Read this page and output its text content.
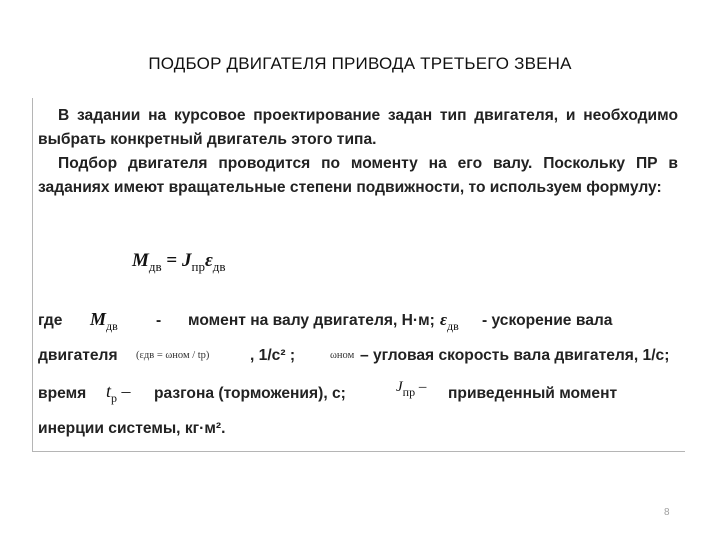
ПОДБОР ДВИГАТЕЛЯ ПРИВОДА ТРЕТЬЕГО ЗВЕНА

В задании на курсовое проектирование задан тип двигателя, и необходимо выбрать конкретный двигатель этого типа.

Подбор двигателя проводится по моменту на его валу. Поскольку ПР в заданиях имеют вращательные степени подвижности, то используем формулу:

$M_{дв} = J_{пр}\varepsilon_{дв}$
где $M_{дв}$ - момент на валу двигателя, Н·м; $\varepsilon_{дв}$ - ускорение вала
двигателя (εдв = ωном / tр)	, 1/с² ;	ωном – угловая скорость вала двигателя, 1/с;
время $t_р$ – разгона (торможения), с;	$J_{пр}$ – приведенный момент
инерции системы, кг·м².
8
